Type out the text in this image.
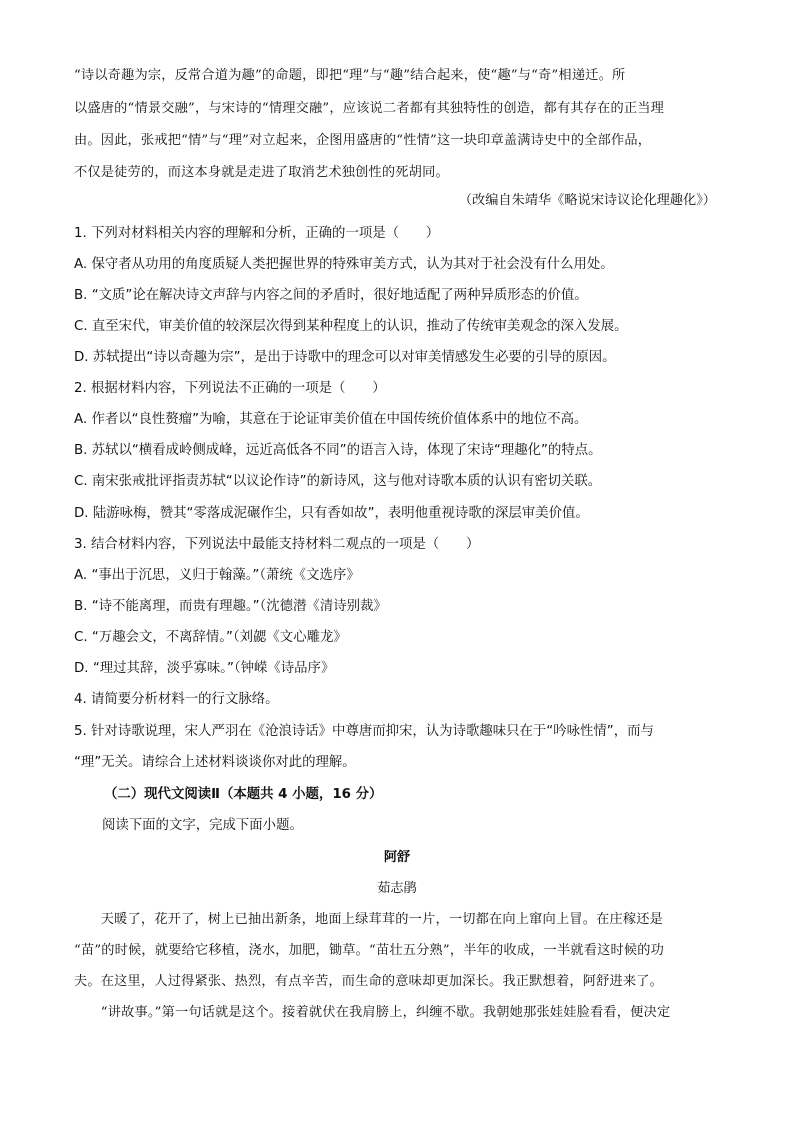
“诗以奇趣为宗，反常合道为趣”的命题，即把“理”与“趣”结合起来，使“趣”与“奇”相递迁。所
以盛唐的“情景交融”，与宋诗的“情理交融”，应该说二者都有其独特性的创造，都有其存在的正当理
由。因此，张戒把“情”与“理”对立起来，企图用盛唐的“性情”这一块印章盖满诗史中的全部作品，
不仅是徒劳的，而这本身就是走进了取消艺术独创性的死胡同。
（改编自朱靖华《略说宋诗议论化理趣化》）
1. 下列对材料相关内容的理解和分析，正确的一项是（　　）
A. 保守者从功用的角度质疑人类把握世界的特殊审美方式，认为其对于社会没有什么用处。
B. “文质”论在解决诗文声辞与内容之间的矛盾时，很好地适配了两种异质形态的价值。
C. 直至宋代，审美价值的较深层次得到某种程度上的认识，推动了传统审美观念的深入发展。
D. 苏轼提出“诗以奇趣为宗”，是出于诗歌中的理念可以对审美情感发生必要的引导的原因。
2. 根据材料内容，下列说法不正确的一项是（　　）
A. 作者以“良性赘瘤”为喻，其意在于论证审美价值在中国传统价值体系中的地位不高。
B. 苏轼以“横看成岭侧成峰，远近高低各不同”的语言入诗，体现了宋诗“理趣化”的特点。
C. 南宋张戒批评指责苏轼“以议论作诗”的新诗风，这与他对诗歌本质的认识有密切关联。
D. 陆游咏梅，赞其“零落成泥碾作尘，只有香如故”，表明他重视诗歌的深层审美价值。
3. 结合材料内容，下列说法中最能支持材料二观点的一项是（　　）
A. “事出于沉思，义归于翰藻。”（萧统《文选序》
B. “诗不能离理，而贵有理趣。”（沈德潜《清诗别裁》
C. “万趣会文，不离辞情。”（刘勰《文心雕龙》
D. “理过其辞，淡乎寡味。”（钟嵘《诗品序》
4. 请简要分析材料一的行文脉络。
5. 针对诗歌说理，宋人严羽在《沧浪诗话》中尊唐而抑宋，认为诗歌趣味只在于“吟咏性情”，而与
“理”无关。请综合上述材料谈谈你对此的理解。
（二）现代文阅读Ⅱ（本题共 4 小题，16 分）
阅读下面的文字，完成下面小题。
阿舒
茹志鹃
　　天暖了，花开了，树上已抽出新条，地面上绿茸茸的一片，一切都在向上窜向上冒。在庄稼还是
“苗”的时候，就要给它移植，浇水，加肥，锄草。“苗壮五分熟”，半年的收成，一半就看这时候的功
夫。在这里，人过得紧张、热烈，有点辛苦，而生命的意味却更加深长。我正默想着，阿舒进来了。
　　“讲故事。”第一句话就是这个。接着就伏在我肩膀上，纠缠不歇。我朝她那张娃娃脸看看，便决定
